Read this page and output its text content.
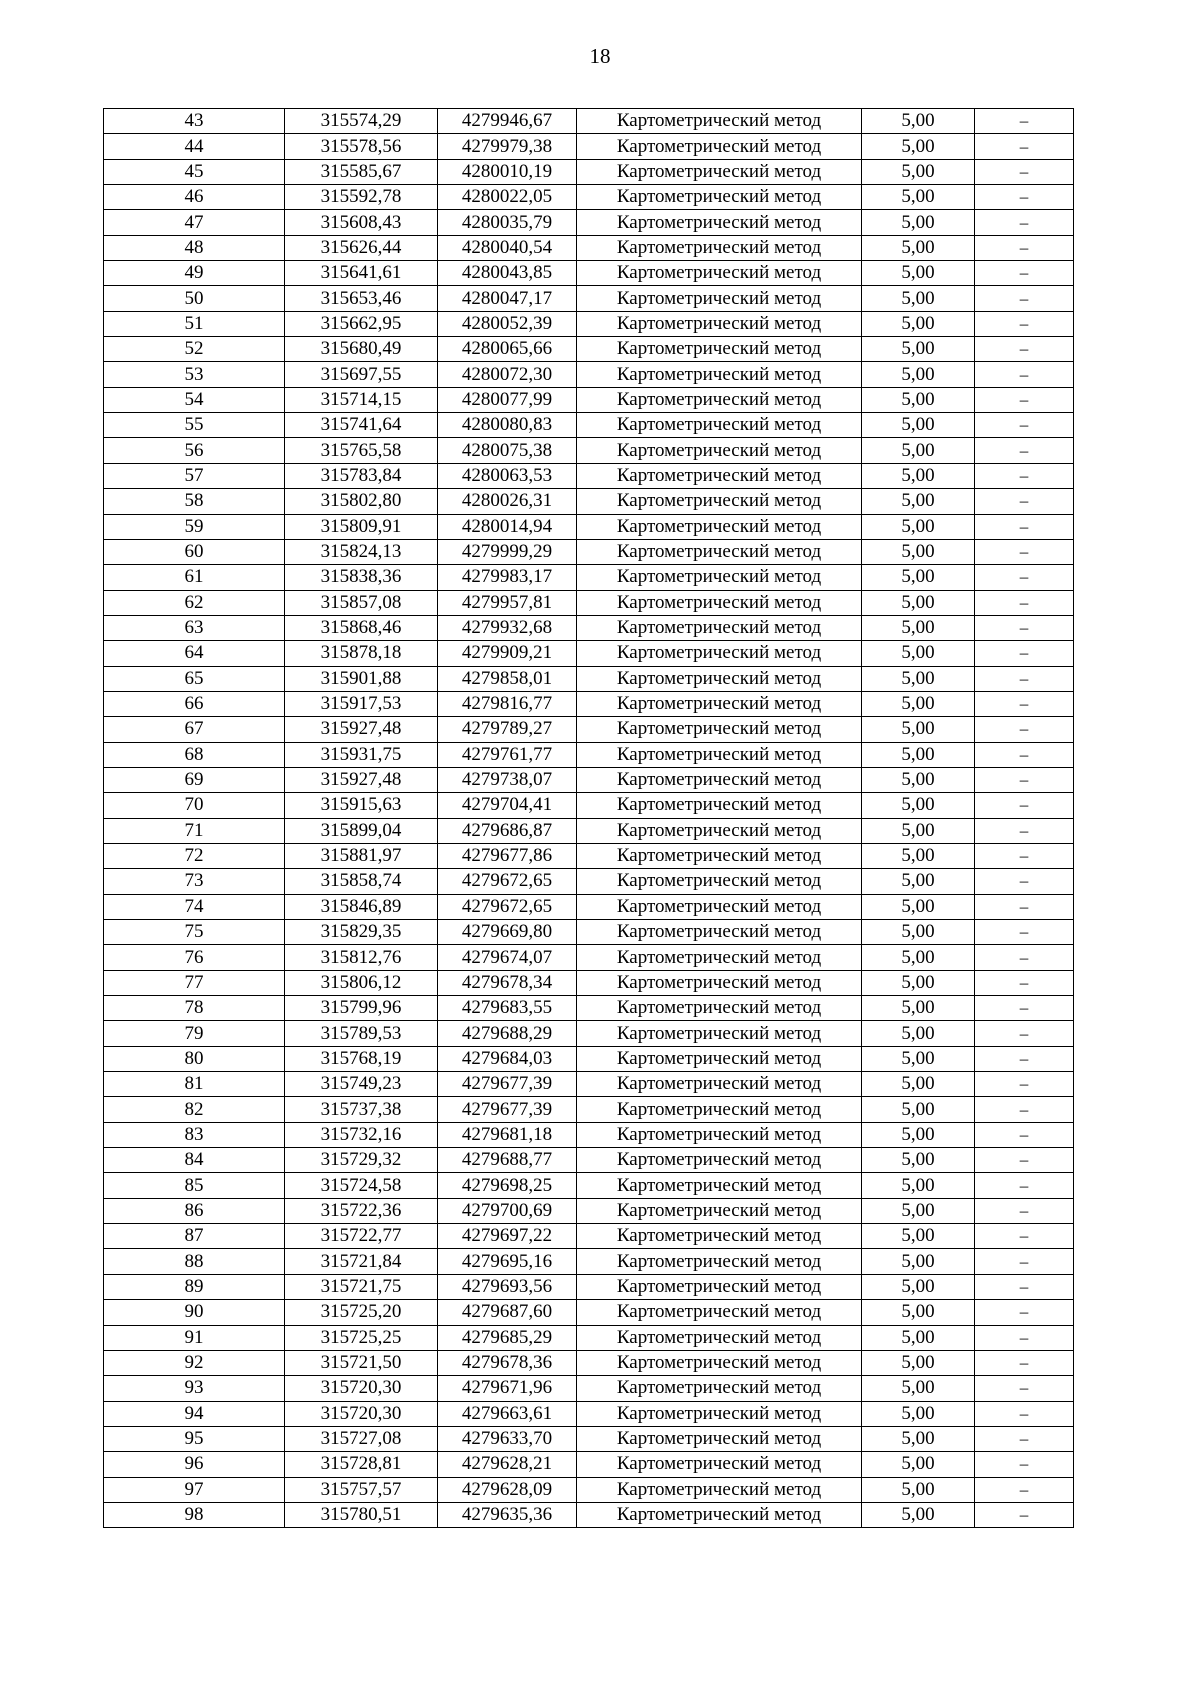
18
43	315574,29	4279946,67	Картометрический метод	5,00	–
44	315578,56	4279979,38	Картометрический метод	5,00	–
45	315585,67	4280010,19	Картометрический метод	5,00	–
46	315592,78	4280022,05	Картометрический метод	5,00	–
47	315608,43	4280035,79	Картометрический метод	5,00	–
48	315626,44	4280040,54	Картометрический метод	5,00	–
49	315641,61	4280043,85	Картометрический метод	5,00	–
50	315653,46	4280047,17	Картометрический метод	5,00	–
51	315662,95	4280052,39	Картометрический метод	5,00	–
52	315680,49	4280065,66	Картометрический метод	5,00	–
53	315697,55	4280072,30	Картометрический метод	5,00	–
54	315714,15	4280077,99	Картометрический метод	5,00	–
55	315741,64	4280080,83	Картометрический метод	5,00	–
56	315765,58	4280075,38	Картометрический метод	5,00	–
57	315783,84	4280063,53	Картометрический метод	5,00	–
58	315802,80	4280026,31	Картометрический метод	5,00	–
59	315809,91	4280014,94	Картометрический метод	5,00	–
60	315824,13	4279999,29	Картометрический метод	5,00	–
61	315838,36	4279983,17	Картометрический метод	5,00	–
62	315857,08	4279957,81	Картометрический метод	5,00	–
63	315868,46	4279932,68	Картометрический метод	5,00	–
64	315878,18	4279909,21	Картометрический метод	5,00	–
65	315901,88	4279858,01	Картометрический метод	5,00	–
66	315917,53	4279816,77	Картометрический метод	5,00	–
67	315927,48	4279789,27	Картометрический метод	5,00	–
68	315931,75	4279761,77	Картометрический метод	5,00	–
69	315927,48	4279738,07	Картометрический метод	5,00	–
70	315915,63	4279704,41	Картометрический метод	5,00	–
71	315899,04	4279686,87	Картометрический метод	5,00	–
72	315881,97	4279677,86	Картометрический метод	5,00	–
73	315858,74	4279672,65	Картометрический метод	5,00	–
74	315846,89	4279672,65	Картометрический метод	5,00	–
75	315829,35	4279669,80	Картометрический метод	5,00	–
76	315812,76	4279674,07	Картометрический метод	5,00	–
77	315806,12	4279678,34	Картометрический метод	5,00	–
78	315799,96	4279683,55	Картометрический метод	5,00	–
79	315789,53	4279688,29	Картометрический метод	5,00	–
80	315768,19	4279684,03	Картометрический метод	5,00	–
81	315749,23	4279677,39	Картометрический метод	5,00	–
82	315737,38	4279677,39	Картометрический метод	5,00	–
83	315732,16	4279681,18	Картометрический метод	5,00	–
84	315729,32	4279688,77	Картометрический метод	5,00	–
85	315724,58	4279698,25	Картометрический метод	5,00	–
86	315722,36	4279700,69	Картометрический метод	5,00	–
87	315722,77	4279697,22	Картометрический метод	5,00	–
88	315721,84	4279695,16	Картометрический метод	5,00	–
89	315721,75	4279693,56	Картометрический метод	5,00	–
90	315725,20	4279687,60	Картометрический метод	5,00	–
91	315725,25	4279685,29	Картометрический метод	5,00	–
92	315721,50	4279678,36	Картометрический метод	5,00	–
93	315720,30	4279671,96	Картометрический метод	5,00	–
94	315720,30	4279663,61	Картометрический метод	5,00	–
95	315727,08	4279633,70	Картометрический метод	5,00	–
96	315728,81	4279628,21	Картометрический метод	5,00	–
97	315757,57	4279628,09	Картометрический метод	5,00	–
98	315780,51	4279635,36	Картометрический метод	5,00	–
